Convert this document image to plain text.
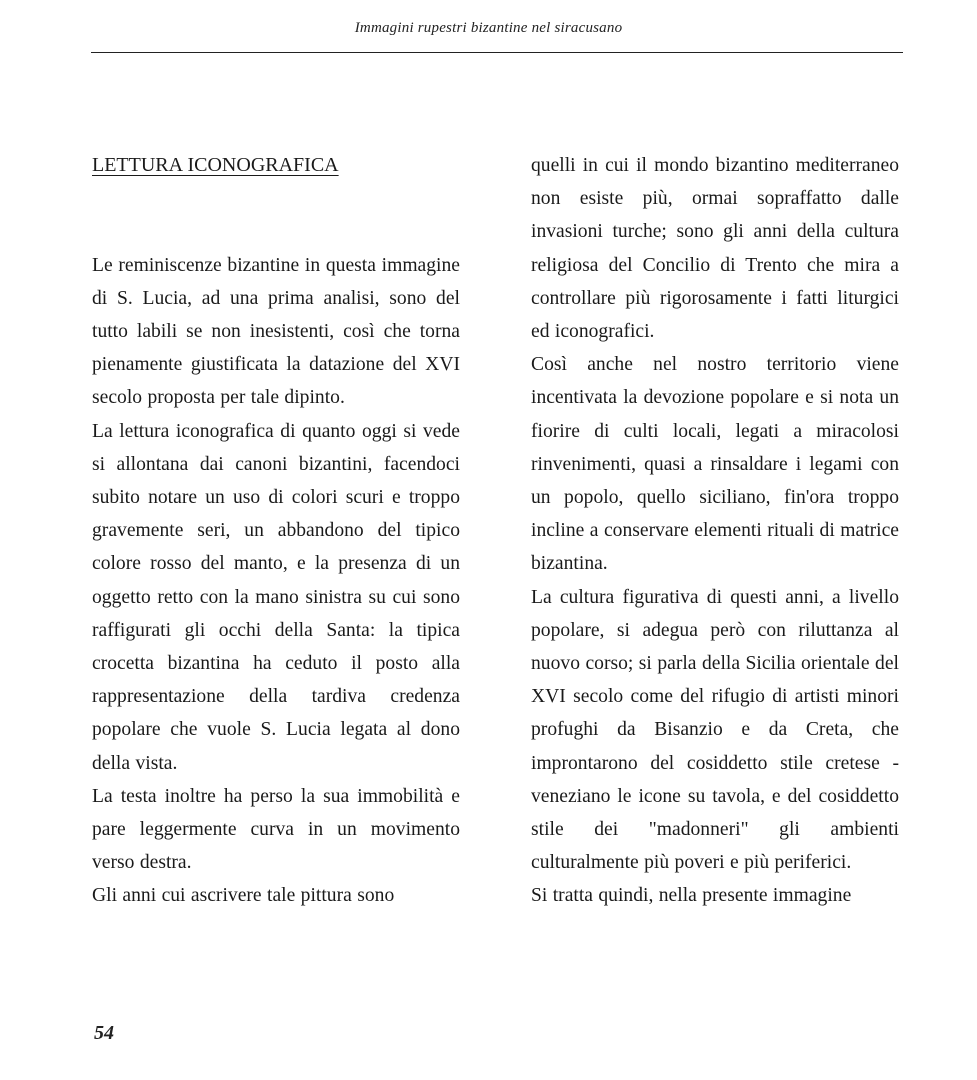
Immagini rupestri bizantine nel siracusano
LETTURA ICONOGRAFICA

Le reminiscenze bizantine in questa immagine di S. Lucia, ad una prima analisi, sono del tutto labili se non inesistenti, così che torna pienamente giustificata la datazione del XVI secolo proposta per tale dipinto.

La lettura iconografica di quanto oggi si vede si allontana dai canoni bizantini, facendoci subito notare un uso di colori scuri e troppo gravemente seri, un abbandono del tipico colore rosso del manto, e la presenza di un oggetto retto con la mano sinistra su cui sono raffigurati gli occhi della Santa: la tipica crocetta bizantina ha ceduto il posto alla rappresentazione della tardiva credenza popolare che vuole S. Lucia legata al dono della vista.

La testa inoltre ha perso la sua immobilità e pare leggermente curva in un movimento verso destra.

Gli anni cui ascrivere tale pittura sono

quelli in cui il mondo bizantino mediterraneo non esiste più, ormai sopraffatto dalle invasioni turche; sono gli anni della cultura religiosa del Concilio di Trento che mira a controllare più rigorosamente i fatti liturgici ed iconografici.

Così anche nel nostro territorio viene incentivata la devozione popolare e si nota un fiorire di culti locali, legati a miracolosi rinvenimenti, quasi a rinsaldare i legami con un popolo, quello siciliano, fin'ora troppo incline a conservare elementi rituali di matrice bizantina.

La cultura figurativa di questi anni, a livello popolare, si adegua però con riluttanza al nuovo corso; si parla della Sicilia orientale del XVI secolo come del rifugio di artisti minori profughi da Bisanzio e da Creta, che improntarono del cosiddetto stile cretese - veneziano le icone su tavola, e del cosiddetto stile dei "madonneri" gli ambienti culturalmente più poveri e più periferici.

Si tratta quindi, nella presente immagine

54
